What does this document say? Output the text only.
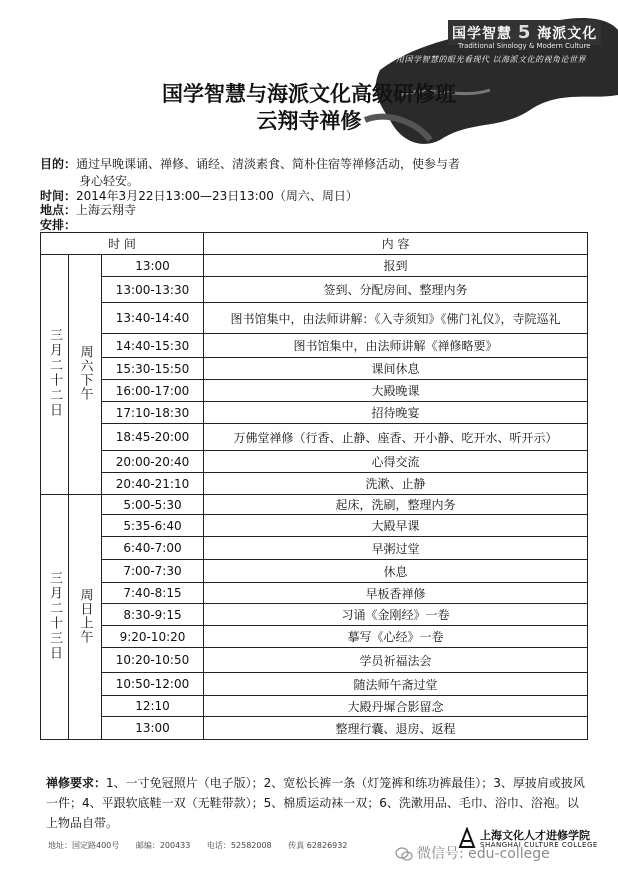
国学智慧 5 海派文化
Traditional Sinology & Modern Culture
用国学智慧的眼光看现代 以海派文化的视角论世界
国学智慧与海派文化高级研修班
云翔寺禅修
目的：通过早晚课诵、禅修、诵经、清淡素食、简朴住宿等禅修活动，使参与者
身心轻安。
时间：2014年3月22日13:00—23日13:00（周六、周日）
地点：上海云翔寺
安排：
时 间			内 容
三月二十二日	周六下午	13:00	报到
		13:00-13:30	签到、分配房间、整理内务
		13:40-14:40	图书馆集中，由法师讲解：《入寺须知》《佛门礼仪》，寺院巡礼
		14:40-15:30	图书馆集中，由法师讲解《禅修略要》
		15:30-15:50	课间休息
		16:00-17:00	大殿晚课
		17:10-18:30	招待晚宴
		18:45-20:00	万佛堂禅修（行香、止静、座香、开小静、吃开水、听开示）
		20:00-20:40	心得交流
		20:40-21:10	洗漱、止静
三月二十三日	周日上午	5:00-5:30	起床，洗刷，整理内务
		5:35-6:40	大殿早课
		6:40-7:00	早粥过堂
		7:00-7:30	休息
		7:40-8:15	早板香禅修
		8:30-9:15	习诵《金刚经》一卷
		9:20-10:20	摹写《心经》一卷
		10:20-10:50	学员祈福法会
		10:50-12:00	随法师午斋过堂
		12:10	大殿丹墀合影留念
		13:00	整理行囊、退房、返程
禅修要求：1、一寸免冠照片（电子版）；2、宽松长裤一条（灯笼裤和练功裤最佳）；3、厚披肩或披风一件；4、平跟软底鞋一双（无鞋带款）；5、棉质运动袜一双；6、洗漱用品、毛巾、浴巾、浴袍。以上物品自带。
地址：国定路400号 邮编：200433 电话：52582008 传真 62826932
上海文化人才进修学院
SHANGHAI CULTURE COLLEGE
微信号: edu-college
